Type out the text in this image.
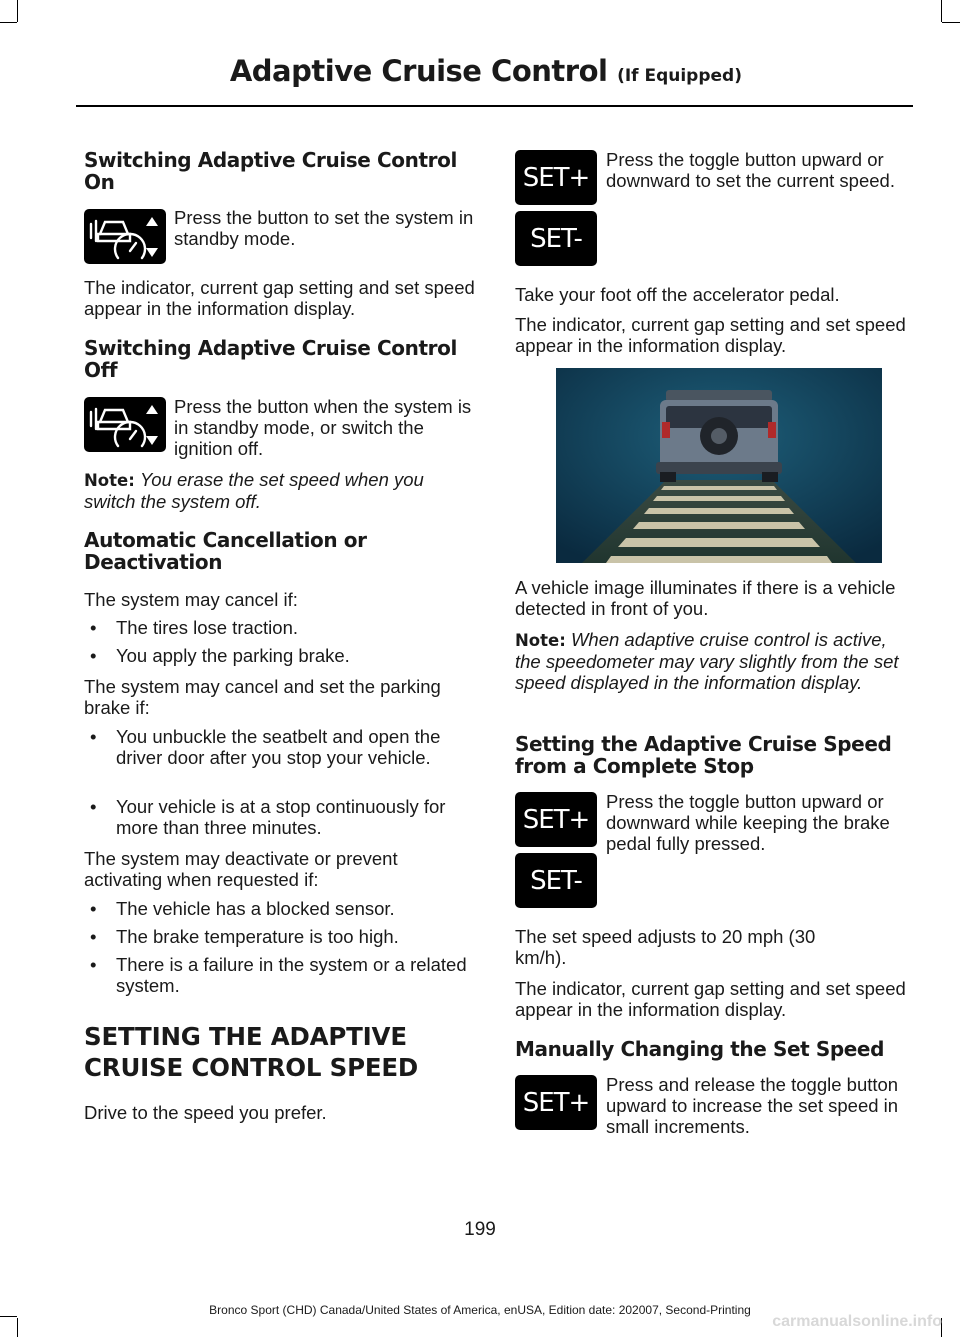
Adaptive Cruise Control (If Equipped)
Switching Adaptive Cruise Control On
Press the button to set the system in standby mode.
The indicator, current gap setting and set speed appear in the information display.
Switching Adaptive Cruise Control Off
Press the button when the system is in standby mode, or switch the ignition off.
Note: You erase the set speed when you switch the system off.
Automatic Cancellation or Deactivation
The system may cancel if:
• The tires lose traction.
• You apply the parking brake.
The system may cancel and set the parking brake if:
• You unbuckle the seatbelt and open the driver door after you stop your vehicle.
• Your vehicle is at a stop continuously for more than three minutes.
The system may deactivate or prevent activating when requested if:
• The vehicle has a blocked sensor.
• The brake temperature is too high.
• There is a failure in the system or a related system.
SETTING THE ADAPTIVE
CRUISE CONTROL SPEED
Drive to the speed you prefer.
SET+
SET-
Press the toggle button upward or downward to set the current speed.
Take your foot off the accelerator pedal.
The indicator, current gap setting and set speed appear in the information display.
A vehicle image illuminates if there is a vehicle detected in front of you.
Note: When adaptive cruise control is active, the speedometer may vary slightly from the set speed displayed in the information display.
Setting the Adaptive Cruise Speed from a Complete Stop
SET+
SET-
Press the toggle button upward or downward while keeping the brake pedal fully pressed.
The set speed adjusts to 20 mph (30 km/h).
The indicator, current gap setting and set speed appear in the information display.
Manually Changing the Set Speed
SET+
Press and release the toggle button upward to increase the set speed in small increments.
199
Bronco Sport (CHD) Canada/United States of America, enUSA, Edition date: 202007, Second-Printing
carmanualsonline.info
